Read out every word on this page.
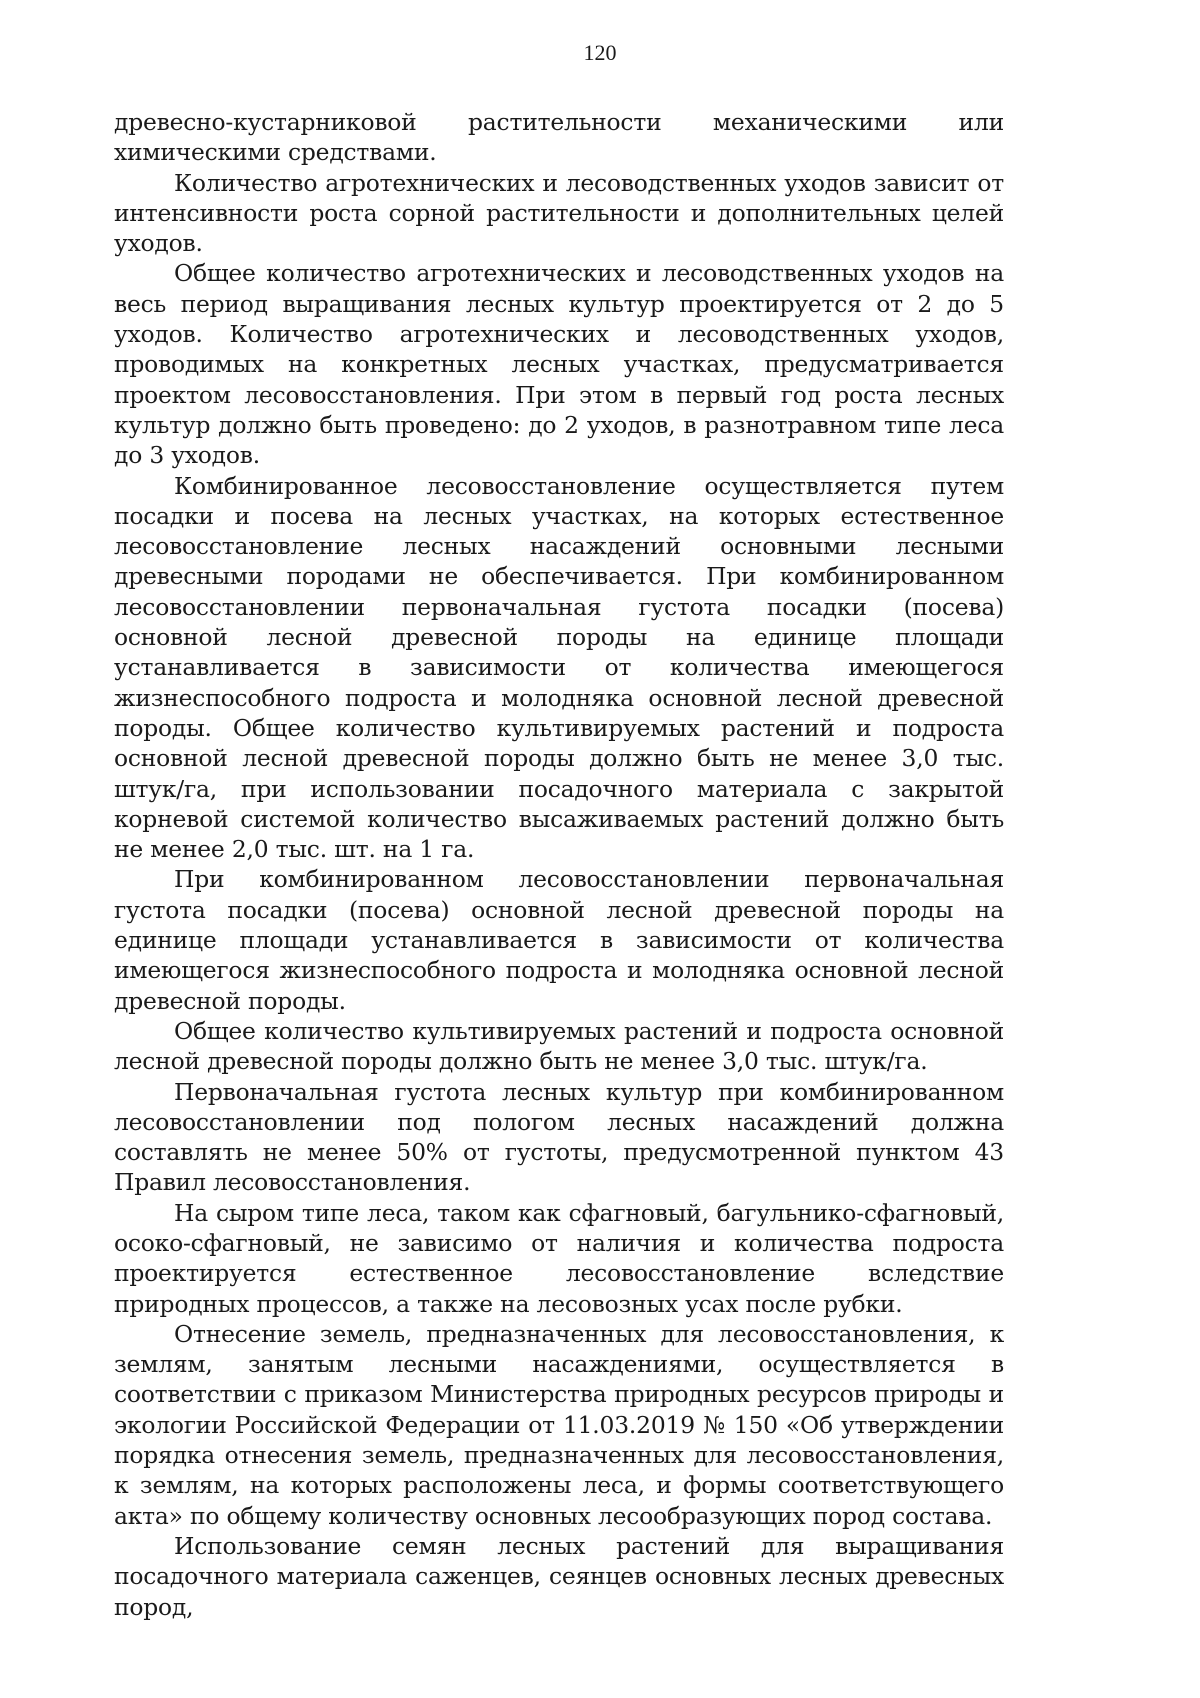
120

древесно-кустарниковой растительности механическими или химическими средствами.

Количество агротехнических и лесоводственных уходов зависит от интенсивности роста сорной растительности и дополнительных целей уходов.

Общее количество агротехнических и лесоводственных уходов на весь период выращивания лесных культур проектируется от 2 до 5 уходов. Количество агротехнических и лесоводственных уходов, проводимых на конкретных лесных участках, предусматривается проектом лесовосстановления. При этом в первый год роста лесных культур должно быть проведено: до 2 уходов, в разнотравном типе леса до 3 уходов.

Комбинированное лесовосстановление осуществляется путем посадки и посева на лесных участках, на которых естественное лесовосстановление лесных насаждений основными лесными древесными породами не обеспечивается. При комбинированном лесовосстановлении первоначальная густота посадки (посева) основной лесной древесной породы на единице площади устанавливается в зависимости от количества имеющегося жизнеспособного подроста и молодняка основной лесной древесной породы. Общее количество культивируемых растений и подроста основной лесной древесной породы должно быть не менее 3,0 тыс. штук/га, при использовании посадочного материала с закрытой корневой системой количество высаживаемых растений должно быть не менее 2,0 тыс. шт. на 1 га.

При комбинированном лесовосстановлении первоначальная густота посадки (посева) основной лесной древесной породы на единице площади устанавливается в зависимости от количества имеющегося жизнеспособного подроста и молодняка основной лесной древесной породы.

Общее количество культивируемых растений и подроста основной лесной древесной породы должно быть не менее 3,0 тыс. штук/га.

Первоначальная густота лесных культур при комбинированном лесовосстановлении под пологом лесных насаждений должна составлять не менее 50% от густоты, предусмотренной пунктом 43 Правил лесовосстановления.

На сыром типе леса, таком как сфагновый, багульнико-сфагновый, осоко-сфагновый, не зависимо от наличия и количества подроста проектируется естественное лесовосстановление вследствие природных процессов, а также на лесовозных усах после рубки.

Отнесение земель, предназначенных для лесовосстановления, к землям, занятым лесными насаждениями, осуществляется в соответствии с приказом Министерства природных ресурсов природы и экологии Российской Федерации от 11.03.2019 № 150 «Об утверждении порядка отнесения земель, предназначенных для лесовосстановления, к землям, на которых расположены леса, и формы соответствующего акта» по общему количеству основных лесообразующих пород состава.

Использование семян лесных растений для выращивания посадочного материала саженцев, сеянцев основных лесных древесных пород,
